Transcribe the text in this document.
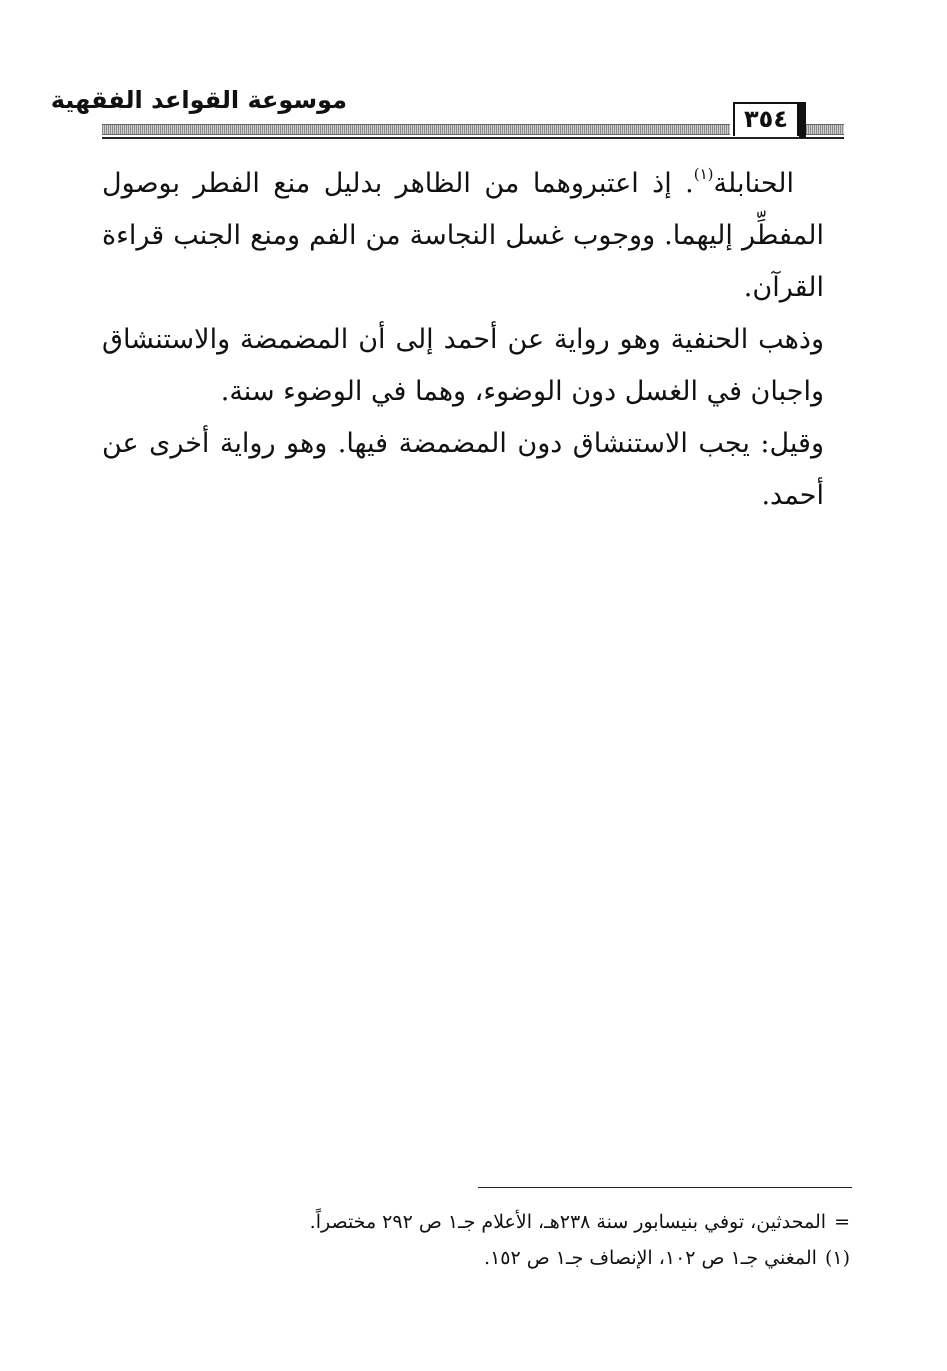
موسوعة القواعد الفقهية
٣٥٤

الحنابلة$^{(١)}$. إذ اعتبروهما من الظاهر بدليل منع الفطر بوصول المفطِّر إليهما. ووجوب غسل النجاسة من الفم ومنع الجنب قراءة القرآن.

وذهب الحنفية وهو رواية عن أحمد إلى أن المضمضة والاستنشاق واجبان في الغسل دون الوضوء، وهما في الوضوء سنة.

وقيل: يجب الاستنشاق دون المضمضة فيها. وهو رواية أخرى عن أحمد.

=المحدثين، توفي بنيسابور سنة ٢٣٨هـ، الأعلام جـ١ ص ٢٩٢ مختصراً.
(١)المغني جـ١ ص ١٠٢، الإنصاف جـ١ ص ١٥٢.
